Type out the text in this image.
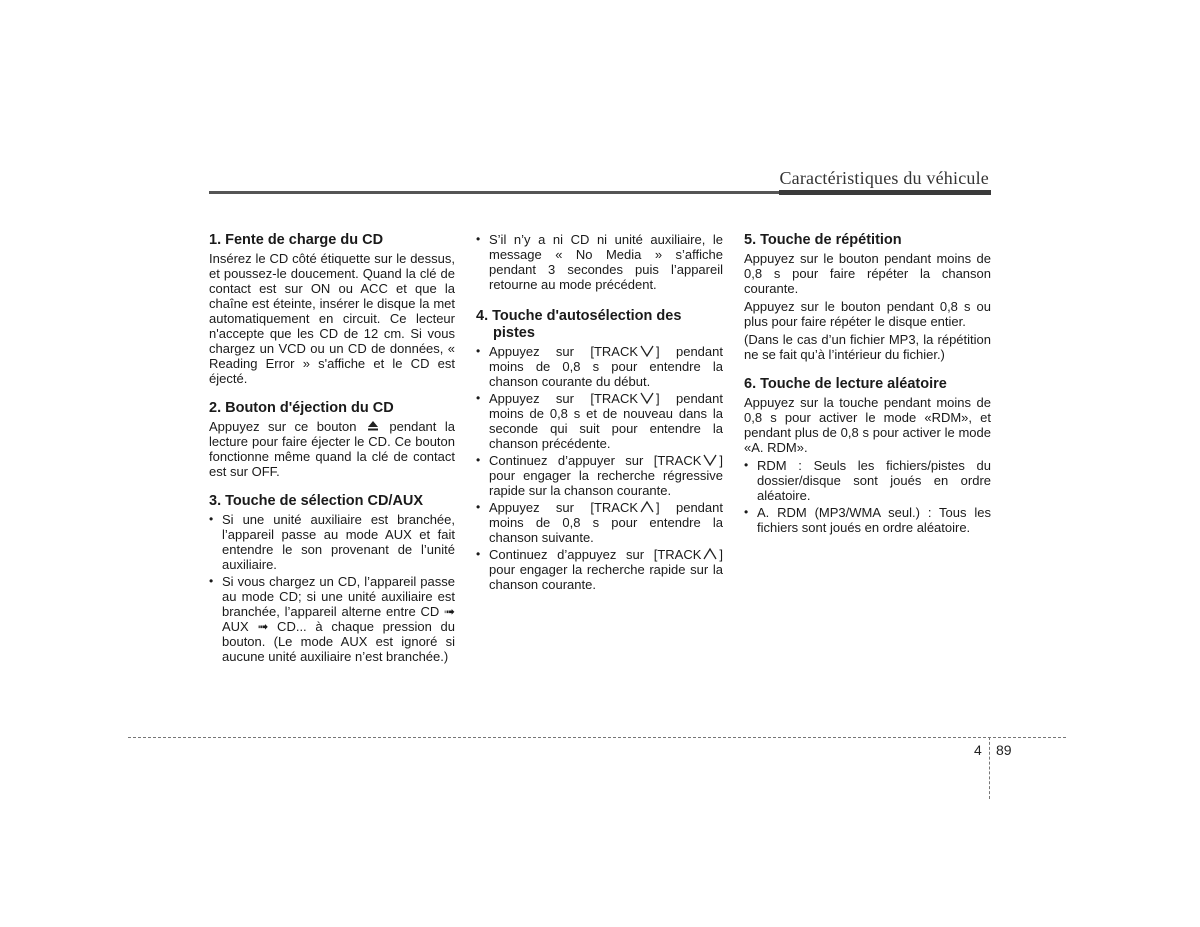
Caractéristiques du véhicule
1. Fente de charge du CD
Insérez le CD côté étiquette sur le dessus, et poussez-le doucement. Quand la clé de contact est sur ON ou ACC et que la chaîne est éteinte, insérer le disque la met automatiquement en circuit. Ce lecteur n'accepte que les CD de 12 cm. Si vous chargez un VCD ou un CD de données, « Reading Error » s'affiche et le CD est éjecté.
2. Bouton d'éjection du CD
Appuyez sur ce bouton	pendant la lecture pour faire éjecter le CD. Ce bouton fonctionne même quand la clé de contact est sur OFF.
3. Touche de sélection CD/AUX
• Si une unité auxiliaire est branchée, l’appareil passe au mode AUX et fait entendre le son provenant de l’unité auxiliaire.
• Si vous chargez un CD, l’appareil passe au mode CD; si une unité auxiliaire est branchée, l’appareil alterne entre CD ➟ AUX ➟ CD... à chaque pression du bouton. (Le mode AUX est ignoré si aucune unité auxiliaire n’est branchée.)
• S’il n’y a ni CD ni unité auxiliaire, le message « No Media » s’affiche pendant 3 secondes puis l’appareil retourne au mode précédent.
4. Touche d'autosélection des pistes
• Appuyez sur [TRACK ] pendant moins de 0,8 s pour entendre la chanson courante du début.
• Appuyez sur [TRACK ] pendant moins de 0,8 s et de nouveau dans la seconde qui suit pour entendre la chanson précédente.
• Continuez d’appuyer sur [TRACK ] pour engager la recherche régressive rapide sur la chanson courante.
• Appuyez sur [TRACK ] pendant moins de 0,8 s pour entendre la chanson suivante.
• Continuez d’appuyez sur [TRACK ] pour engager la recherche rapide sur la chanson courante.
5. Touche de répétition
Appuyez sur le bouton pendant moins de 0,8 s pour faire répéter la chanson courante.
Appuyez sur le bouton pendant 0,8 s ou plus pour faire répéter le disque entier.
(Dans le cas d’un fichier MP3, la répétition ne se fait qu’à l’intérieur du fichier.)
6. Touche de lecture aléatoire
Appuyez sur la touche pendant moins de 0,8 s pour activer le mode «RDM», et pendant plus de 0,8 s pour activer le mode «A. RDM».
• RDM : Seuls les fichiers/pistes du dossier/disque sont joués en ordre aléatoire.
• A. RDM (MP3/WMA seul.) : Tous les fichiers sont joués en ordre aléatoire.
4 89
